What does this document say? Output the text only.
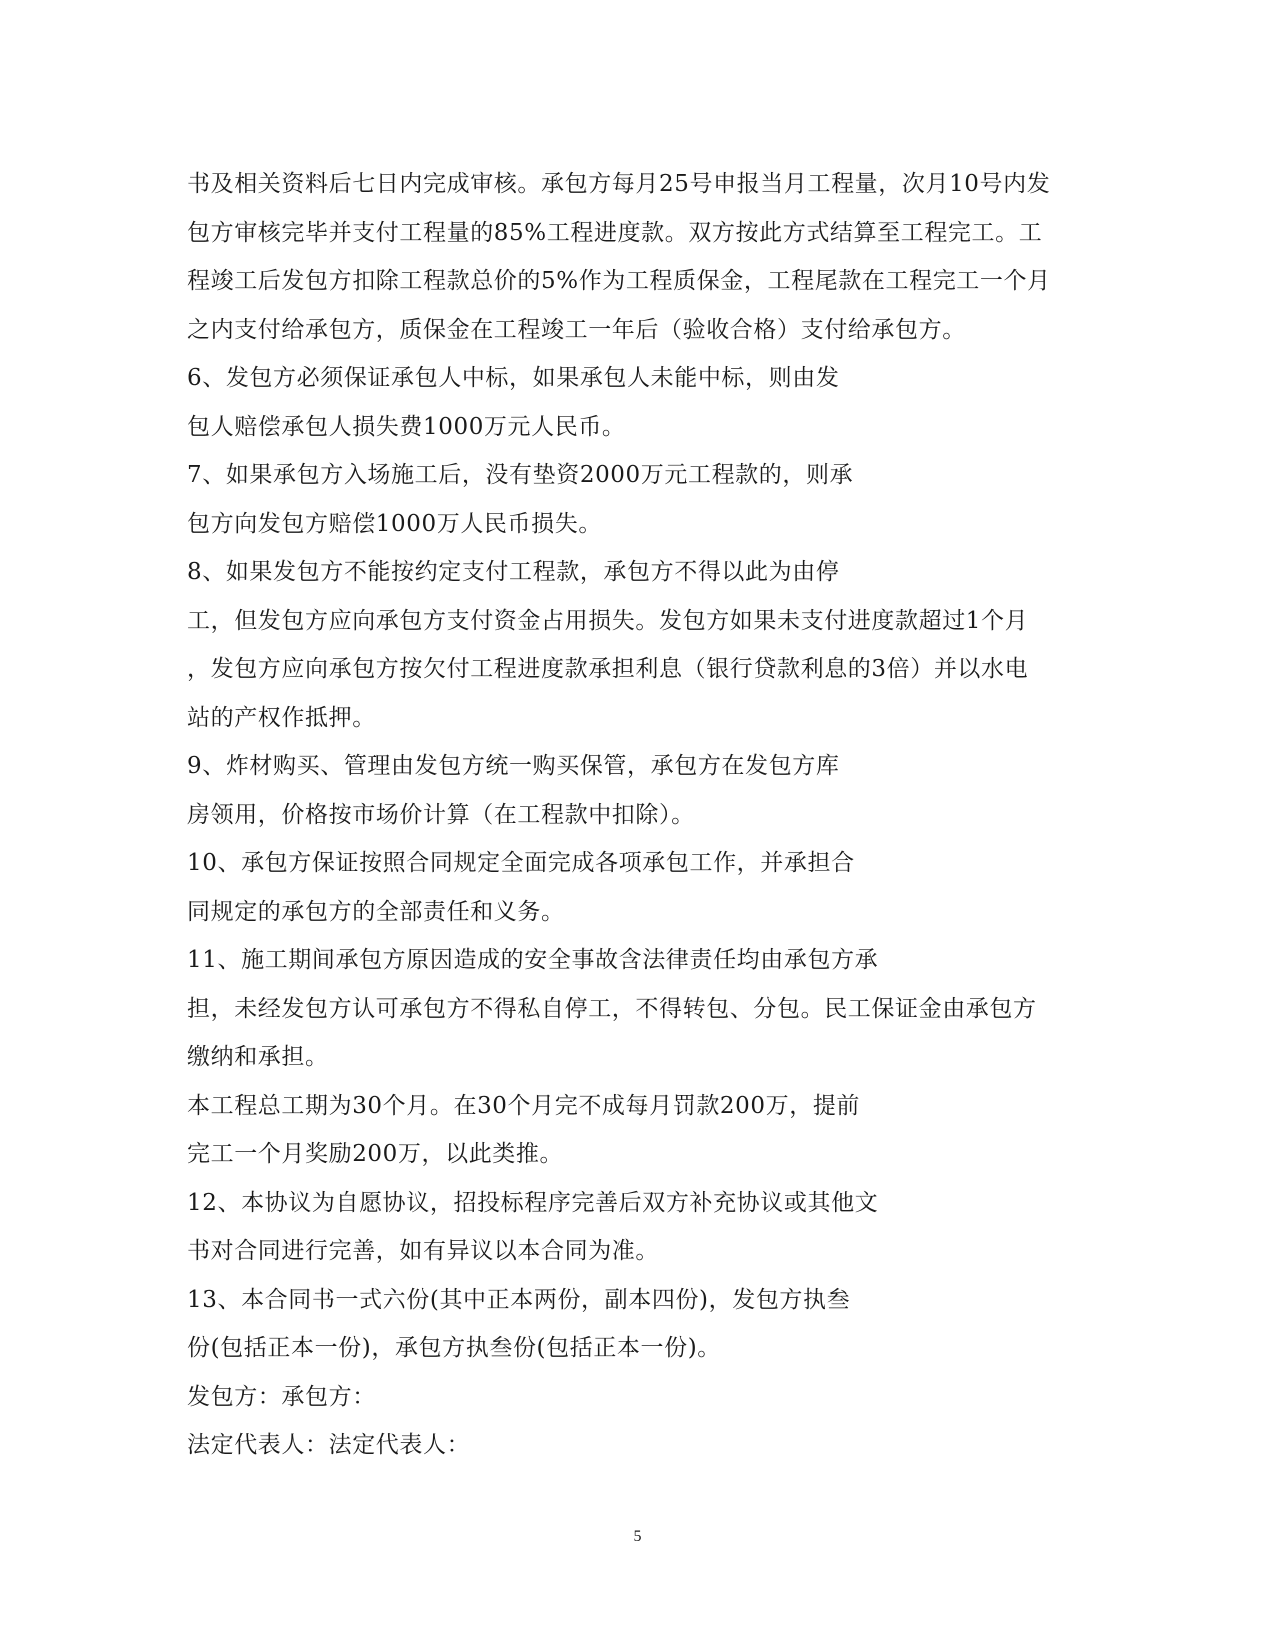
书及相关资料后七日内完成审核。承包方每月25号申报当月工程量，次月10号内发
包方审核完毕并支付工程量的85%工程进度款。双方按此方式结算至工程完工。工
程竣工后发包方扣除工程款总价的5%作为工程质保金，工程尾款在工程完工一个月
之内支付给承包方，质保金在工程竣工一年后（验收合格）支付给承包方。
6、发包方必须保证承包人中标，如果承包人未能中标，则由发
包人赔偿承包人损失费1000万元人民币。
7、如果承包方入场施工后，没有垫资2000万元工程款的，则承
包方向发包方赔偿1000万人民币损失。
8、如果发包方不能按约定支付工程款，承包方不得以此为由停
工，但发包方应向承包方支付资金占用损失。发包方如果未支付进度款超过1个月
，发包方应向承包方按欠付工程进度款承担利息（银行贷款利息的3倍）并以水电
站的产权作抵押。
9、炸材购买、管理由发包方统一购买保管，承包方在发包方库
房领用，价格按市场价计算（在工程款中扣除）。
10、承包方保证按照合同规定全面完成各项承包工作，并承担合
同规定的承包方的全部责任和义务。
11、施工期间承包方原因造成的安全事故含法律责任均由承包方承
担，未经发包方认可承包方不得私自停工，不得转包、分包。民工保证金由承包方
缴纳和承担。
本工程总工期为30个月。在30个月完不成每月罚款200万，提前
完工一个月奖励200万，以此类推。
12、本协议为自愿协议，招投标程序完善后双方补充协议或其他文
书对合同进行完善，如有异议以本合同为准。
13、本合同书一式六份(其中正本两份，副本四份)，发包方执叁
份(包括正本一份)，承包方执叁份(包括正本一份)。
发包方：承包方：
法定代表人：法定代表人：
5
